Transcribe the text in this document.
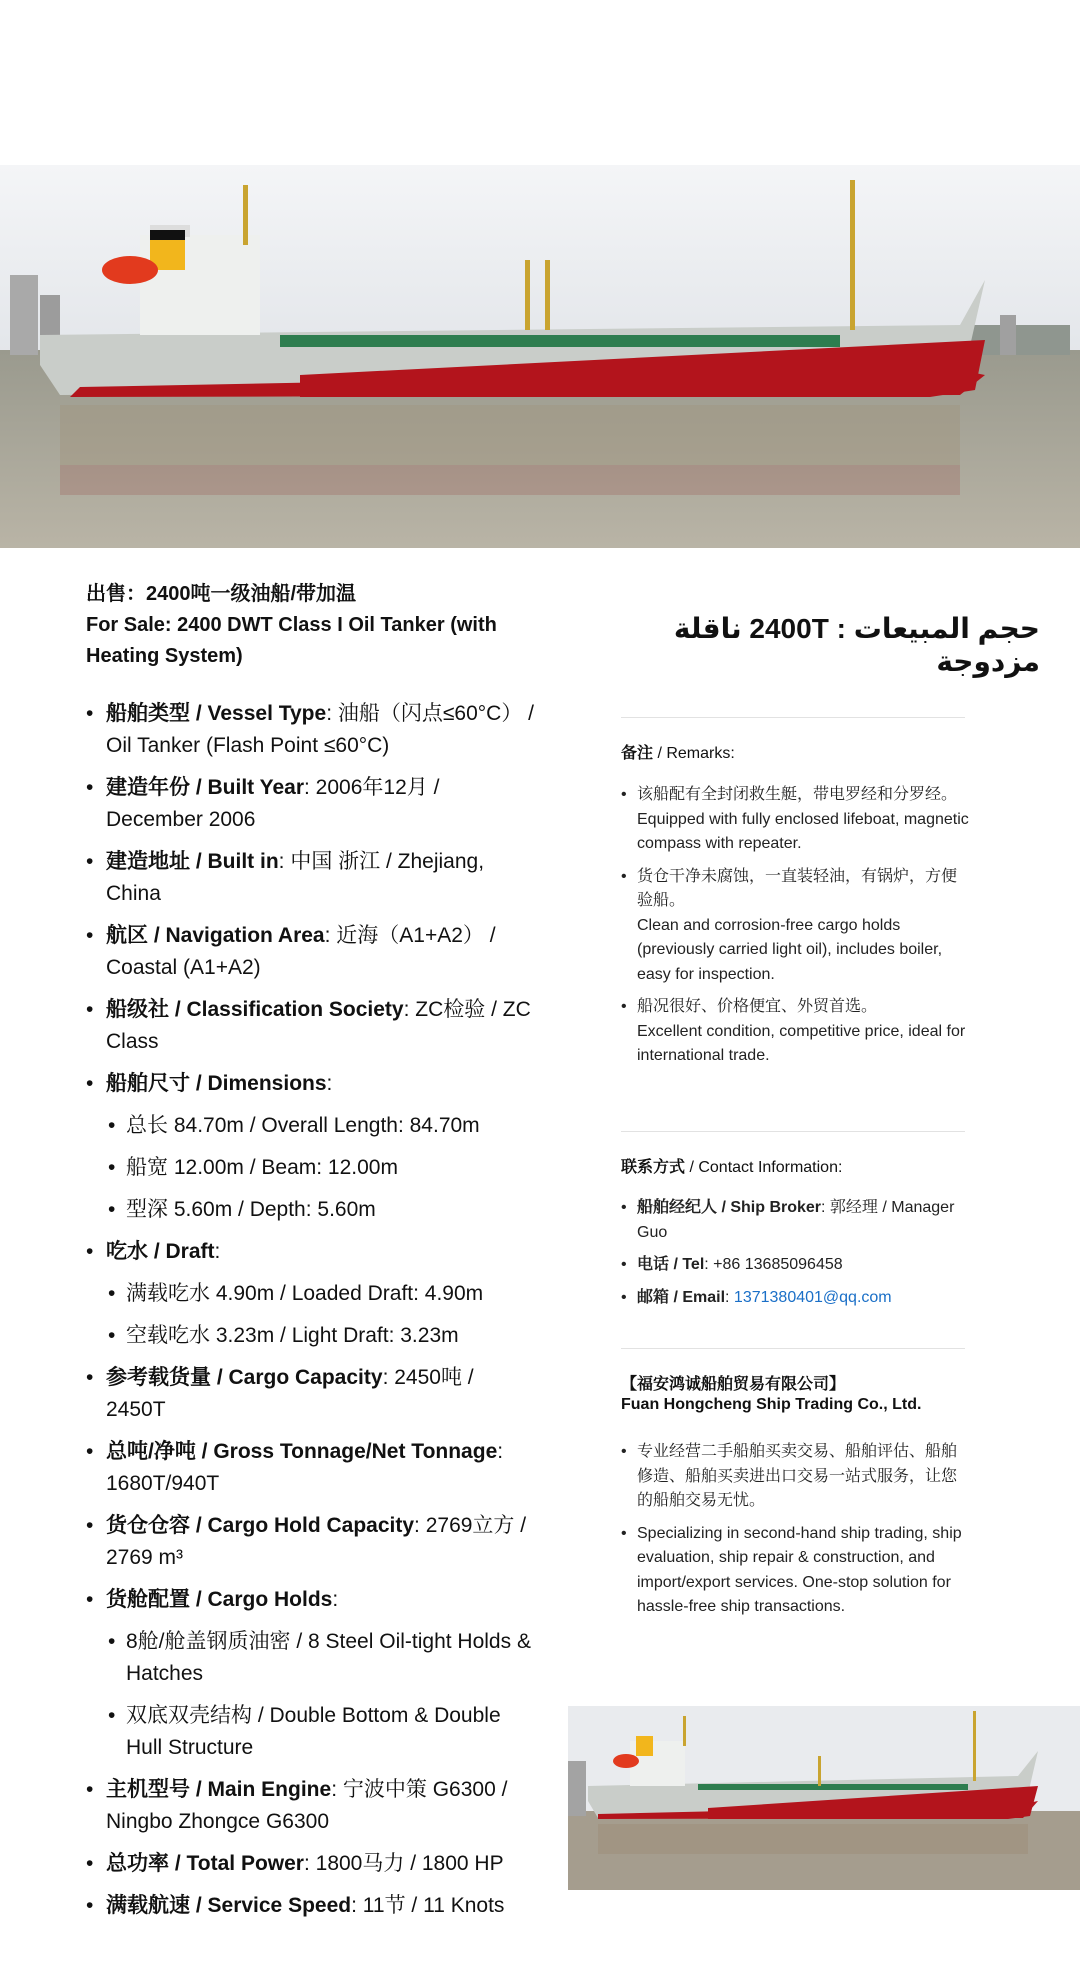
出售：2400吨一级油船/带加温

For Sale: 2400 DWT Class I Oil Tanker (with Heating System)

حجم المبيعات : 2400T ناقلة مزدوجة
• 船舶类型 / Vessel Type: 油船（闪点≤60°C） / Oil Tanker (Flash Point ≤60°C)
• 建造年份 / Built Year: 2006年12月 / December 2006
• 建造地址 / Built in: 中国 浙江 / Zhejiang, China
• 航区 / Navigation Area: 近海（A1+A2） / Coastal (A1+A2)
• 船级社 / Classification Society: ZC检验 / ZC Class
• 船舶尺寸 / Dimensions:
• 总长 84.70m / Overall Length: 84.70m
• 船宽 12.00m / Beam: 12.00m
• 型深 5.60m / Depth: 5.60m
• 吃水 / Draft:
• 满载吃水 4.90m / Loaded Draft: 4.90m
• 空载吃水 3.23m / Light Draft: 3.23m
• 参考载货量 / Cargo Capacity: 2450吨 / 2450T
• 总吨/净吨 / Gross Tonnage/Net Tonnage: 1680T/940T
• 货仓仓容 / Cargo Hold Capacity: 2769立方 / 2769 m³
• 货舱配置 / Cargo Holds:
• 8舱/舱盖钢质油密 / 8 Steel Oil-tight Holds & Hatches
• 双底双壳结构 / Double Bottom & Double Hull Structure
• 主机型号 / Main Engine: 宁波中策 G6300 / Ningbo Zhongce G6300
• 总功率 / Total Power: 1800马力 / 1800 HP
• 满载航速 / Service Speed: 11节 / 11 Knots
备注 / Remarks:
• 该船配有全封闭救生艇，带电罗经和分罗经。
Equipped with fully enclosed lifeboat, magnetic compass with repeater.
• 货仓干净未腐蚀，一直装轻油，有锅炉，方便验船。
Clean and corrosion-free cargo holds (previously carried light oil), includes boiler, easy for inspection.
• 船况很好、价格便宜、外贸首选。
Excellent condition, competitive price, ideal for international trade.
联系方式 / Contact Information:
• 船舶经纪人 / Ship Broker: 郭经理 / Manager Guo
• 电话 / Tel: +86 13685096458
• 邮箱 / Email: 1371380401@qq.com
【福安鸿诚船舶贸易有限公司】
Fuan Hongcheng Ship Trading Co., Ltd.
• 专业经营二手船舶买卖交易、船舶评估、船舶修造、船舶买卖进出口交易一站式服务，让您的船舶交易无忧。
• Specializing in second-hand ship trading, ship evaluation, ship repair & construction, and import/export services. One-stop solution for hassle-free ship transactions.
